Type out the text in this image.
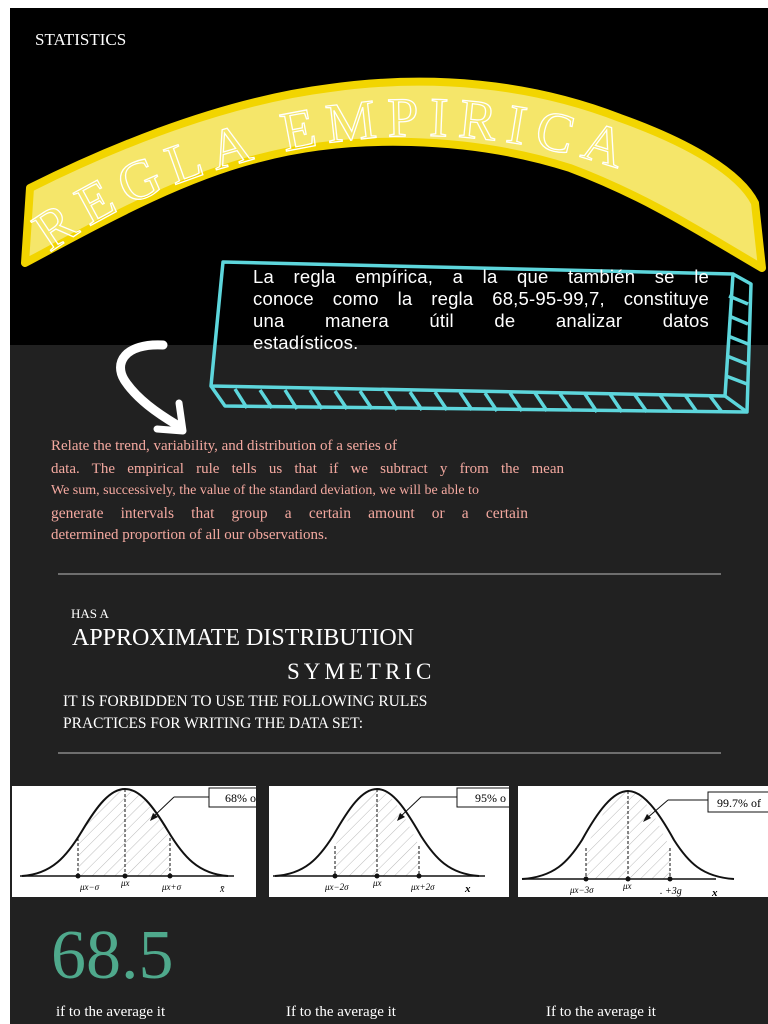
STATISTICS
REGLA EMPIRICA
La regla empírica, a la que también se le
conoce como la regla 68,5-95-99,7, constituye
una manera útil de analizar datos
estadísticos.
Relate the trend, variability, and distribution of a series of
data. The empirical rule tells us that if we subtract y from the mean
We sum, successively, the value of the standard deviation, we will be able to
generate intervals that group a certain amount or a certain
determined proportion of all our observations.
HAS A
APPROXIMATE DISTRIBUTION
SYMETRIC
IT IS FORBIDDEN TO USE THE FOLLOWING RULES
PRACTICES FOR WRITING THE DATA SET:
68% o
μx−σ μx	μx+σ	x̄
95% o
μx−2σ	μx	μx+2σ	x
99.7% of
μx−3σ	μx	. +3g	x
68.5
if to the average it	If to the average it	If to the average it
